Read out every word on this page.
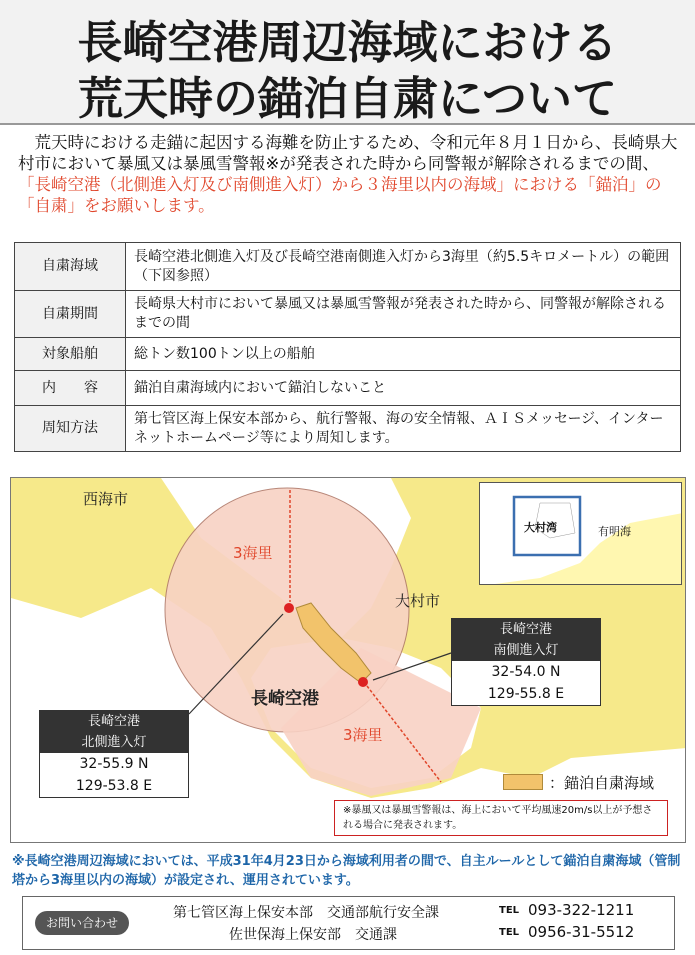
長崎空港周辺海域における
荒天時の錨泊自粛について
　荒天時における走錨に起因する海難を防止するため、令和元年８月１日から、長崎県大村市において暴風又は暴風雪警報※が発表された時から同警報が解除されるまでの間、「長崎空港（北側進入灯及び南側進入灯）から３海里以内の海域」における「錨泊」の「自粛」をお願いします。
自粛海域	長崎空港北側進入灯及び長崎空港南側進入灯から3海里（約5.5キロメートル）の範囲（下図参照）
自粛期間	長崎県大村市において暴風又は暴風雪警報が発表された時から、同警報が解除されるまでの間
対象船舶	総トン数100トン以上の船舶
内　　容	錨泊自粛海域内において錨泊しないこと
周知方法	第七管区海上保安本部から、航行警報、海の安全情報、ＡＩＳメッセージ、インターネットホームページ等により周知します。
西海市
大村市
長崎空港
3海里
3海里
大村湾	有明海
長崎空港
南側進入灯
32-54.0 N
129-55.8 E
長崎空港
北側進入灯
32-55.9 N
129-53.8 E	：錨泊自粛海域
※暴風又は暴風雪警報は、海上において平均風速20m/s以上が予想される場合に発表されます。
※長崎空港周辺海域においては、平成31年4月23日から海域利用者の間で、自主ルールとして錨泊自粛海域（管制塔から3海里以内の海域）が設定され、運用されています。
お問い合わせ
第七管区海上保安本部　交通部航行安全課
佐世保海上保安部　交通課
TEL
TEL
093-322-1211
0956-31-5512
